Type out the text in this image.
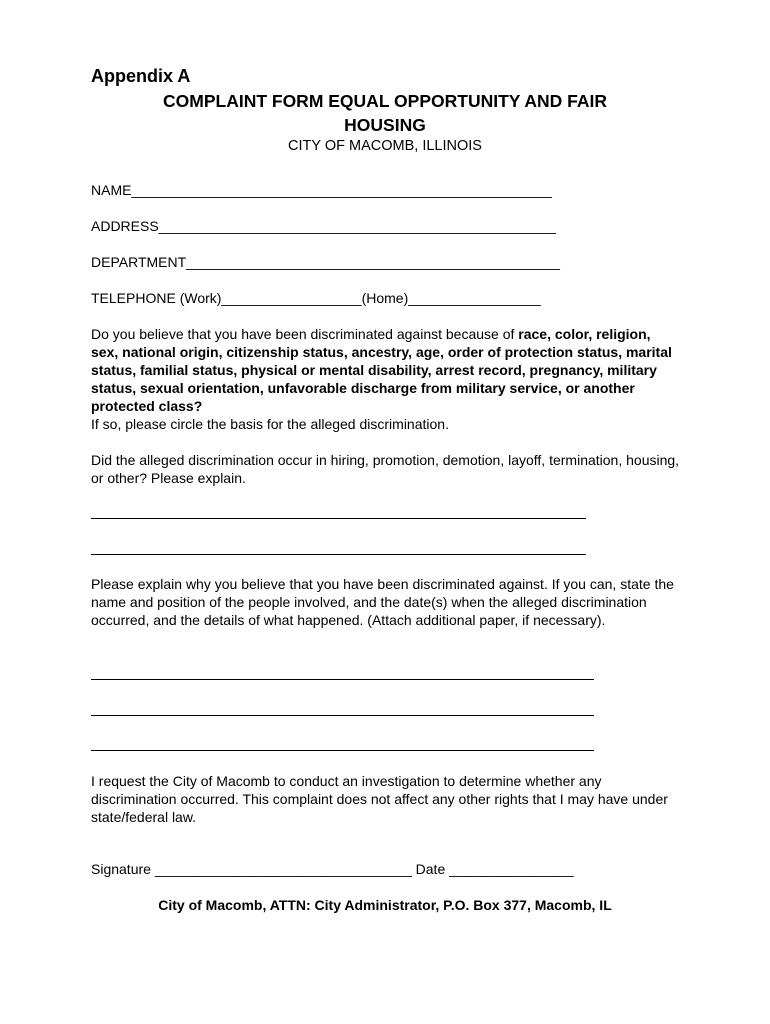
Appendix A
COMPLAINT FORM EQUAL OPPORTUNITY AND FAIR
HOUSING
CITY OF MACOMB, ILLINOIS
NAME______________________________________________________
ADDRESS___________________________________________________
DEPARTMENT________________________________________________
TELEPHONE (Work)__________________(Home)_________________
Do you believe that you have been discriminated against because of race, color, religion, sex, national origin, citizenship status, ancestry, age, order of protection status, marital status, familial status, physical or mental disability, arrest record, pregnancy, military status, sexual orientation, unfavorable discharge from military service, or another protected class?
If so, please circle the basis for the alleged discrimination.
Did the alleged discrimination occur in hiring, promotion, demotion, layoff, termination, housing, or other? Please explain.
Please explain why you believe that you have been discriminated against. If you can, state the name and position of the people involved, and the date(s) when the alleged discrimination occurred, and the details of what happened. (Attach additional paper, if necessary).
I request the City of Macomb to conduct an investigation to determine whether any discrimination occurred. This complaint does not affect any other rights that I may have under state/federal law.
Signature _________________________________ Date ________________
City of Macomb, ATTN: City Administrator, P.O. Box 377, Macomb, IL
